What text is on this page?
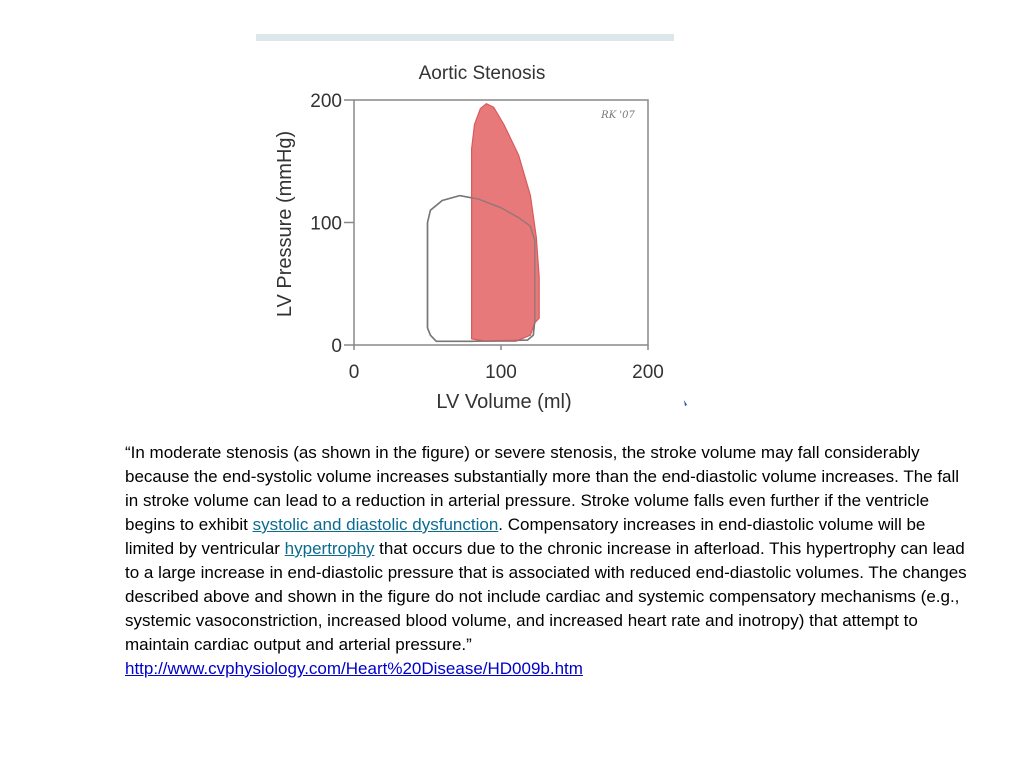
Aortic Stenosis
0	100	200
0
100
200
RK '07
LV Volume (ml)
LV Pressure (mmHg)

“In moderate stenosis (as shown in the figure) or severe stenosis, the stroke volume may fall considerably because the end-systolic volume increases substantially more than the end-diastolic volume increases. The fall in stroke volume can lead to a reduction in arterial pressure. Stroke volume falls even further if the ventricle begins to exhibit systolic and diastolic dysfunction. Compensatory increases in end-diastolic volume will be limited by ventricular hypertrophy that occurs due to the chronic increase in afterload. This hypertrophy can lead to a large increase in end-diastolic pressure that is associated with reduced end-diastolic volumes. The changes described above and shown in the figure do not include cardiac and systemic compensatory mechanisms (e.g., systemic vasoconstriction, increased blood volume, and increased heart rate and inotropy) that attempt to maintain cardiac output and arterial pressure.”
http://www.cvphysiology.com/Heart%20Disease/HD009b.htm
